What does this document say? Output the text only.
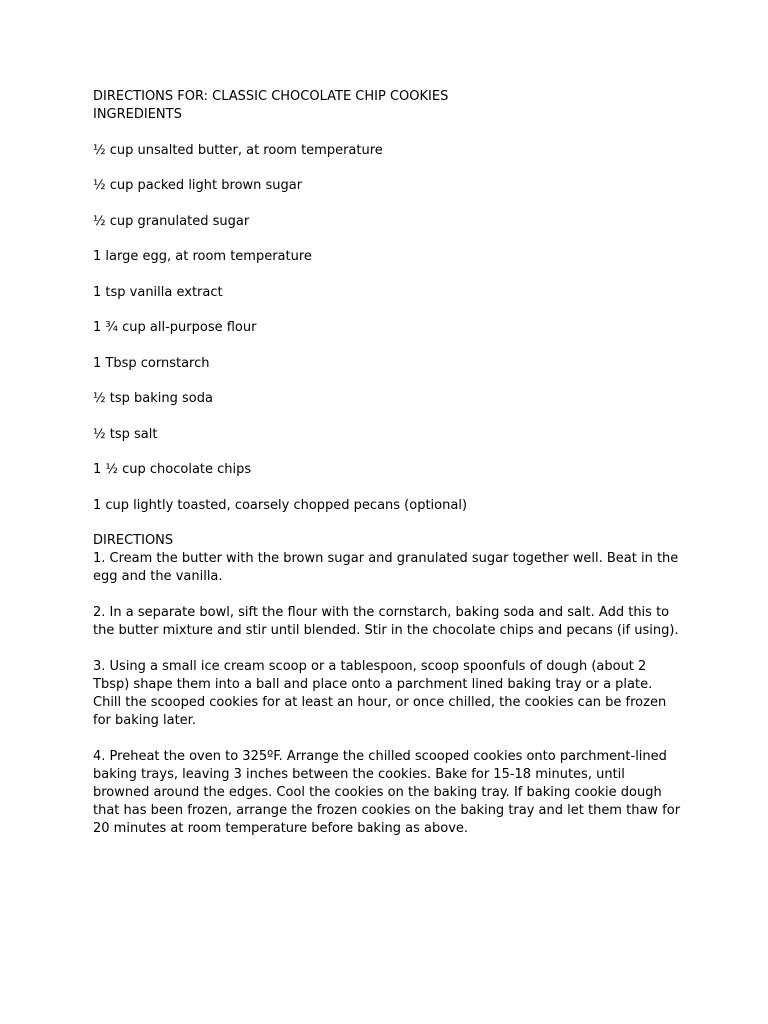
DIRECTIONS FOR: CLASSIC CHOCOLATE CHIP COOKIES

INGREDIENTS

½ cup unsalted butter, at room temperature

½ cup packed light brown sugar

½ cup granulated sugar

1 large egg, at room temperature

1 tsp vanilla extract

1 ¾ cup all-purpose flour

1 Tbsp cornstarch

½ tsp baking soda

½ tsp salt

1 ½ cup chocolate chips

1 cup lightly toasted, coarsely chopped pecans (optional)

DIRECTIONS

1. Cream the butter with the brown sugar and granulated sugar together well. Beat in the egg and the vanilla.

2. In a separate bowl, sift the flour with the cornstarch, baking soda and salt. Add this to the butter mixture and stir until blended. Stir in the chocolate chips and pecans (if using).

3. Using a small ice cream scoop or a tablespoon, scoop spoonfuls of dough (about 2 Tbsp) shape them into a ball and place onto a parchment lined baking tray or a plate. Chill the scooped cookies for at least an hour, or once chilled, the cookies can be frozen for baking later.

4. Preheat the oven to 325ºF. Arrange the chilled scooped cookies onto parchment-lined baking trays, leaving 3 inches between the cookies. Bake for 15-18 minutes, until browned around the edges. Cool the cookies on the baking tray. If baking cookie dough that has been frozen, arrange the frozen cookies on the baking tray and let them thaw for 20 minutes at room temperature before baking as above.
